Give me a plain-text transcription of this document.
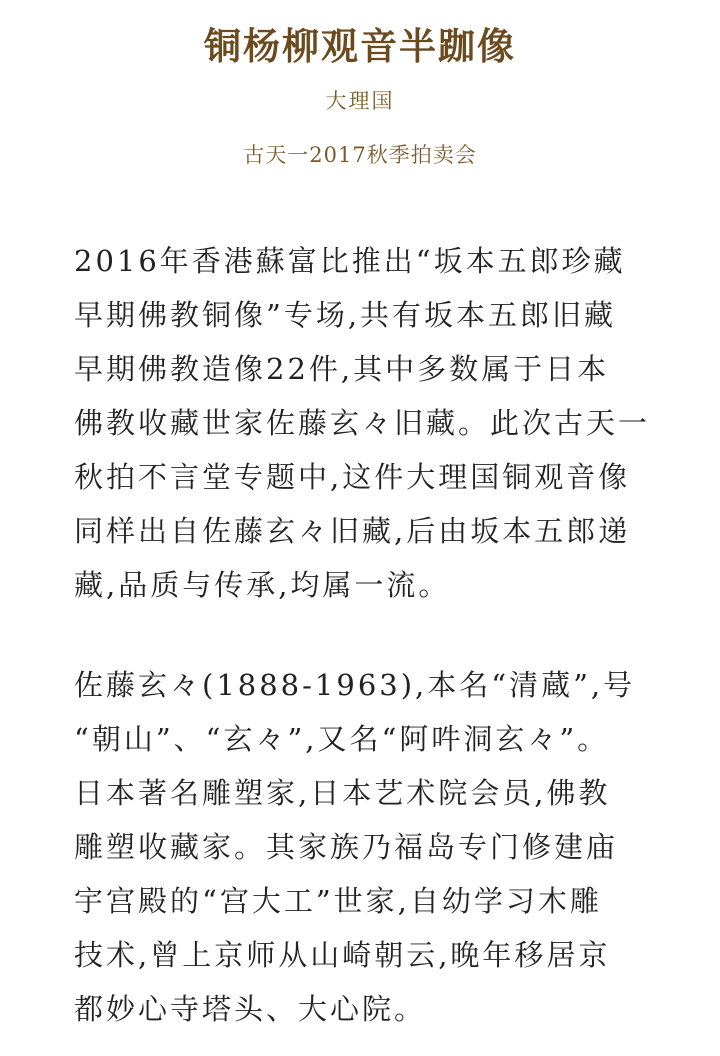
铜杨柳观音半跏像
大理国
古天一2017秋季拍卖会
2016年香港蘇富比推出“坂本五郎珍藏
早期佛教铜像”专场,共有坂本五郎旧藏
早期佛教造像22件,其中多数属于日本
佛教收藏世家佐藤玄々旧藏。此次古天一
秋拍不言堂专题中,这件大理国铜观音像
同样出自佐藤玄々旧藏,后由坂本五郎递
藏,品质与传承,均属一流。
佐藤玄々(1888-1963),本名“清蔵”,号
“朝山”、“玄々”,又名“阿吽洞玄々”。
日本著名雕塑家,日本艺术院会员,佛教
雕塑收藏家。其家族乃福岛专门修建庙
宇宫殿的“宫大工”世家,自幼学习木雕
技术,曾上京师从山崎朝云,晚年移居京
都妙心寺塔头、大心院。
